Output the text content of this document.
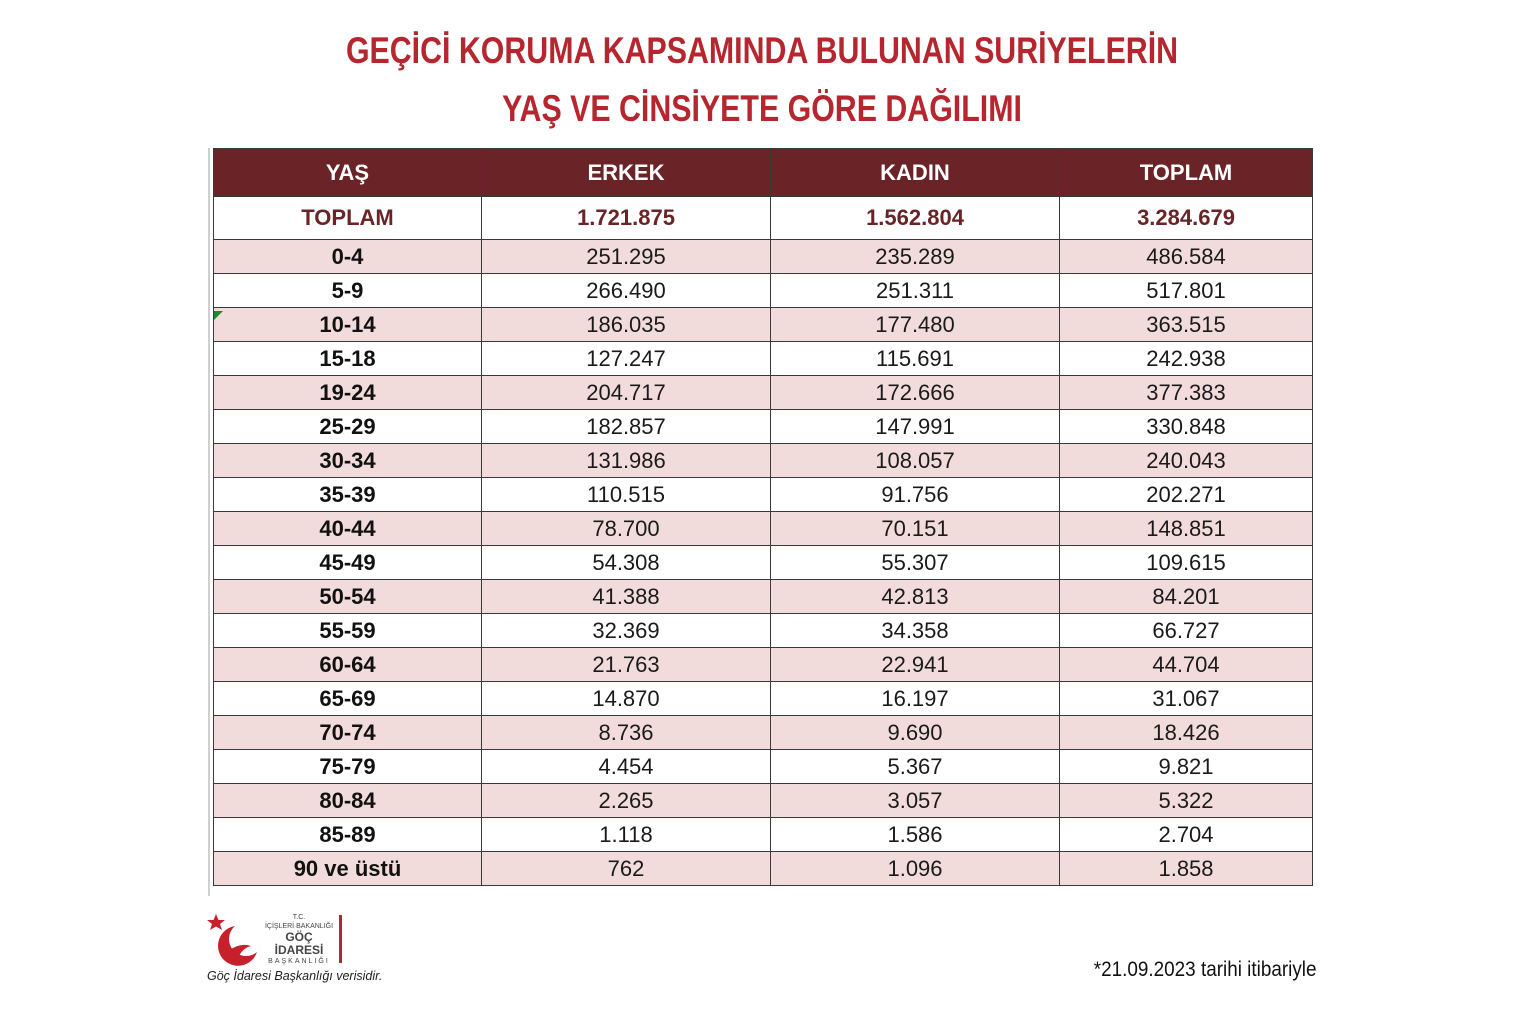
GEÇİCİ KORUMA KAPSAMINDA BULUNAN SURİYELERİN
YAŞ VE CİNSİYETE GÖRE DAĞILIMI
YAŞ	ERKEK	KADIN	TOPLAM
TOPLAM	1.721.875	1.562.804	3.284.679
0-4	251.295	235.289	486.584
5-9	266.490	251.311	517.801
10-14	186.035	177.480	363.515
15-18	127.247	115.691	242.938
19-24	204.717	172.666	377.383
25-29	182.857	147.991	330.848
30-34	131.986	108.057	240.043
35-39	110.515	91.756	202.271
40-44	78.700	70.151	148.851
45-49	54.308	55.307	109.615
50-54	41.388	42.813	84.201
55-59	32.369	34.358	66.727
60-64	21.763	22.941	44.704
65-69	14.870	16.197	31.067
70-74	8.736	9.690	18.426
75-79	4.454	5.367	9.821
80-84	2.265	3.057	5.322
85-89	1.118	1.586	2.704
90 ve üstü	762	1.096	1.858
T.C.
İÇİŞLERİ BAKANLIĞI
GÖÇ İDARESİ
BAŞKANLIĞI
Göç İdaresi Başkanlığı verisidir.	*21.09.2023 tarihi itibariyle
